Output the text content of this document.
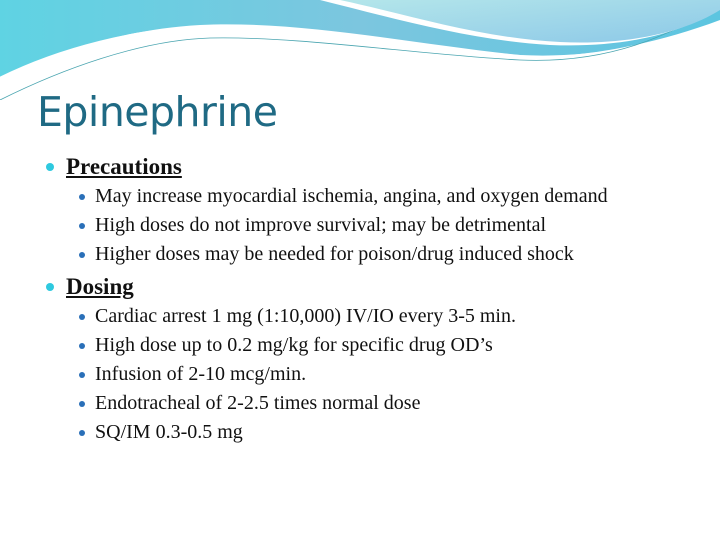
Epinephrine
Precautions
May increase myocardial ischemia, angina, and oxygen demand
High doses do not improve survival; may be detrimental
Higher doses may be needed for poison/drug induced shock
Dosing
Cardiac arrest 1 mg (1:10,000) IV/IO every 3-5 min.
High dose up to 0.2 mg/kg for specific drug OD’s
Infusion of 2-10 mcg/min.
Endotracheal of 2-2.5 times normal dose
SQ/IM 0.3-0.5 mg
